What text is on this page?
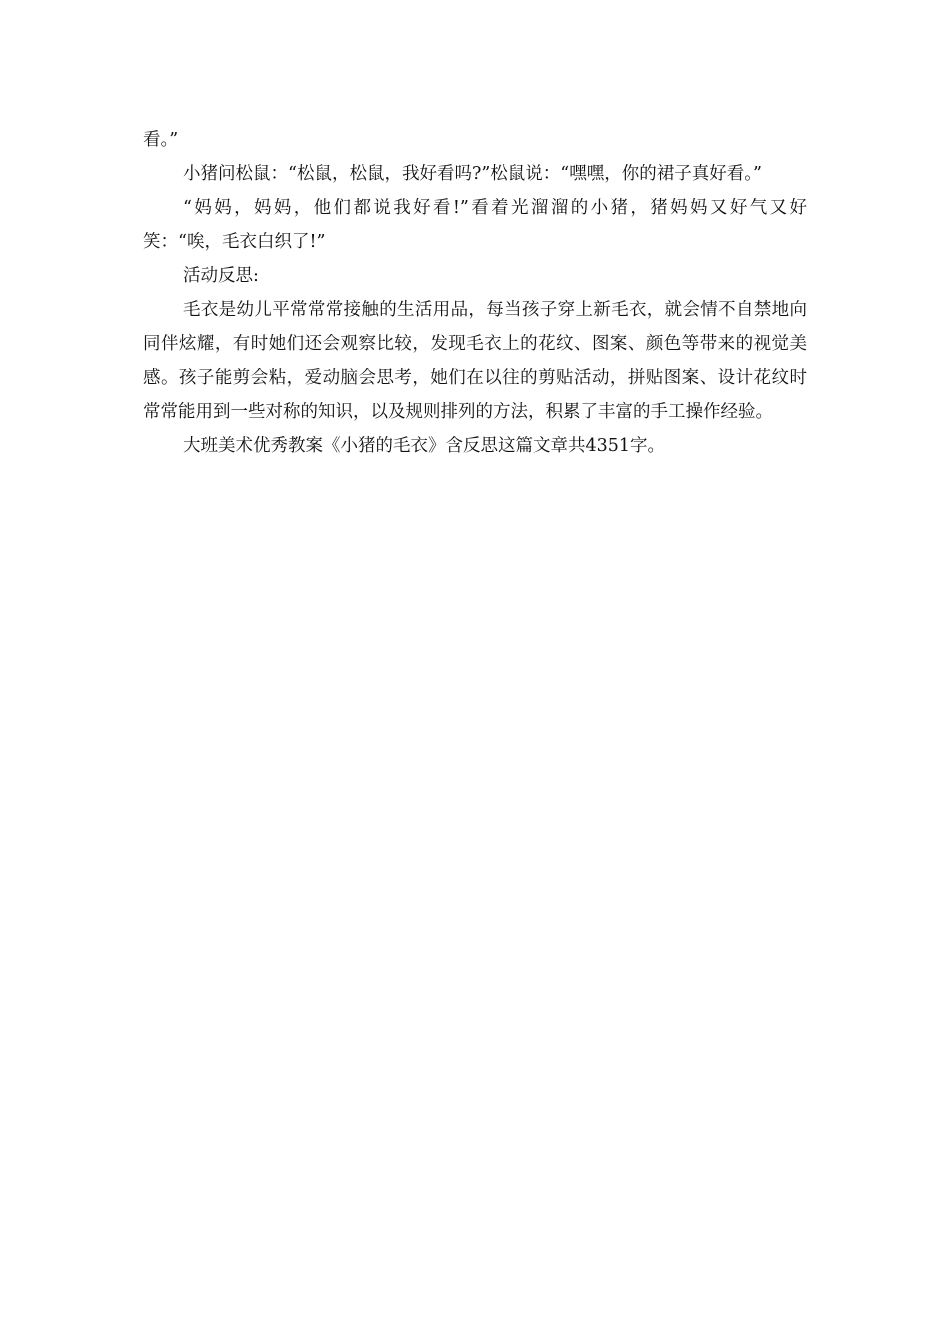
看。”

小猪问松鼠：“松鼠，松鼠，我好看吗?”松鼠说：“嘿嘿，你的裙子真好看。”

“妈妈，妈妈，他们都说我好看!”看着光溜溜的小猪，猪妈妈又好气又好笑：“唉，毛衣白织了!”

活动反思:

毛衣是幼儿平常常常接触的生活用品，每当孩子穿上新毛衣，就会情不自禁地向同伴炫耀，有时她们还会观察比较，发现毛衣上的花纹、图案、颜色等带来的视觉美感。孩子能剪会粘，爱动脑会思考，她们在以往的剪贴活动，拼贴图案、设计花纹时常常能用到一些对称的知识，以及规则排列的方法，积累了丰富的手工操作经验。

大班美术优秀教案《小猪的毛衣》含反思这篇文章共4351字。
